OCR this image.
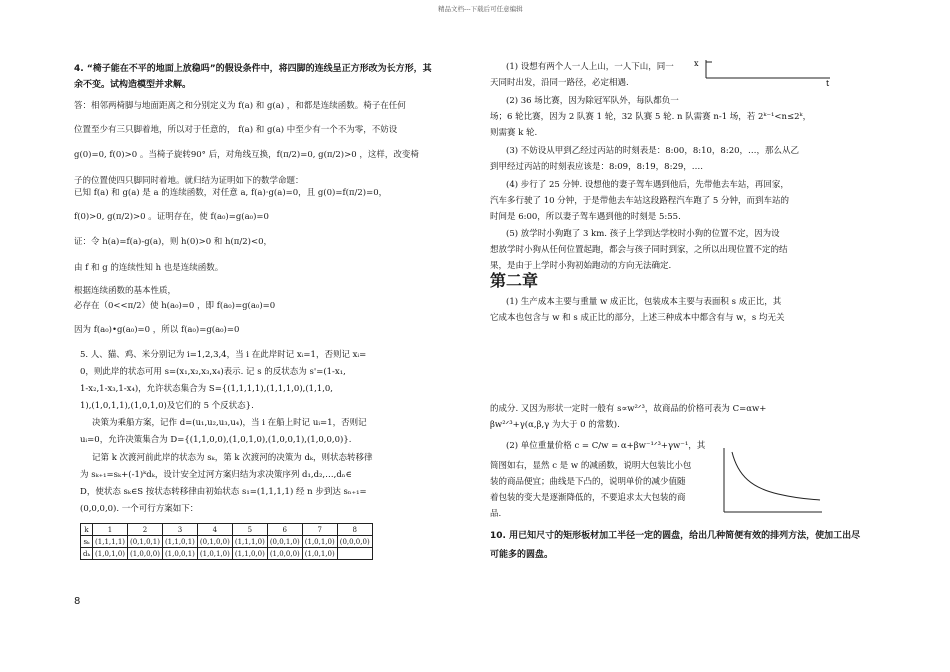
精品文档---下载后可任意编辑
4. “椅子能在不平的地面上放稳吗”的假设条件中，将四脚的连线呈正方形改为长方形，其
余不变。试构造模型并求解。
答：相邻两椅脚与地面距离之和分别定义为 f(a) 和 g(a) ，和都是连续函数。椅子在任何
位置至少有三只脚着地，所以对于任意的， f(a) 和 g(a) 中至少有一个不为零，不妨设
g(0)=0, f(0)>0 。当椅子旋转90° 后，对角线互换，f(π/2)=0, g(π/2)>0 ，这样，改变椅
子的位置使四只脚同时着地。就归结为证明如下的数学命题：
已知 f(a) 和 g(a) 是 a 的连续函数，对任意 a, f(a)·g(a)=0，且 g(0)=f(π/2)=0，
f(0)>0, g(π/2)>0 。证明存在，使 f(a₀)=g(a₀)=0
证：令 h(a)=f(a)-g(a)，则 h(0)>0 和 h(π/2)<0，
由 f 和 g 的连续性知 h 也是连续函数。
根据连续函数的基本性质，
必存在（0<<π/2）使 h(a₀)=0 ，即 f(a₀)=g(a₀)=0
因为 f(a₀)•g(a₀)=0 ，所以 f(a₀)=g(a₀)=0
5. 人、猫、鸡、米分别记为 i=1,2,3,4，当 i 在此岸时记 xᵢ=1，否则记 xᵢ=
0，则此岸的状态可用 s=(x₁,x₂,x₃,x₄)表示. 记 s 的反状态为 s'=(1-x₁,
1-x₂,1-x₃,1-x₄)，允许状态集合为 S={(1,1,1,1),(1,1,1,0),(1,1,0,
1),(1,0,1,1),(1,0,1,0)及它们的 5 个反状态}.
决策为乘船方案，记作 d=(u₁,u₂,u₃,u₄)，当 i 在船上时记 uᵢ=1，否则记
uᵢ=0，允许决策集合为 D={(1,1,0,0),(1,0,1,0),(1,0,0,1),(1,0,0,0)}.
记第 k 次渡河前此岸的状态为 sₖ，第 k 次渡河的决策为 dₖ，则状态转移律
为 sₖ₊₁=sₖ+(-1)ᵏdₖ，设计安全过河方案归结为求决策序列 d₁,d₂,…,dₙ∈
D，使状态 sₖ∈S 按状态转移律由初始状态 s₁=(1,1,1,1) 经 n 步到达 sₙ₊₁=
(0,0,0,0). 一个可行方案如下：
k	1	2	3	4	5	6	7	8
sₖ	(1,1,1,1)	(0,1,0,1)	(1,1,0,1)	(0,1,0,0)	(1,1,1,0)	(0,0,1,0)	(1,0,1,0)	(0,0,0,0)
dₖ	(1,0,1,0)	(1,0,0,0)	(1,0,0,1)	(1,0,1,0)	(1,1,0,0)	(1,0,0,0)	(1,0,1,0)	
8
(1) 设想有两个人一人上山，一人下山，同一
天同时出发，沿同一路径，必定相遇.
x
t
(2) 36 场比赛，因为除冠军队外，每队都负一
场；6 轮比赛，因为 2 队赛 1 轮，32 队赛 5 轮. n 队需赛 n-1 场，若 2ᵏ⁻¹<n≤2ᵏ，
则需赛 k 轮.
(3) 不妨设从甲到乙经过丙站的时刻表是：8:00，8:10，8:20，…，那么从乙
到甲经过丙站的时刻表应该是：8:09，8:19，8:29，….
(4) 步行了 25 分钟. 设想他的妻子驾车遇到他后，先带他去车站，再回家，
汽车多行驶了 10 分钟，于是带他去车站这段路程汽车跑了 5 分钟，而到车站的
时间是 6:00，所以妻子驾车遇到他的时刻是 5:55.
(5) 放学时小狗跑了 3 km. 孩子上学到达学校时小狗的位置不定，因为设
想放学时小狗从任何位置起跑，都会与孩子同时到家，之所以出现位置不定的结
果，是由于上学时小狗初始跑动的方向无法确定.
第二章
(1) 生产成本主要与重量 w 成正比，包装成本主要与表面积 s 成正比，其
它成本也包含与 w 和 s 成正比的部分，上述三种成本中都含有与 w，s 均无关
的成分. 又因为形状一定时一般有 s∝w²ᐟ³，故商品的价格可表为 C=αw+
βw²ᐟ³+γ(α,β,γ 为大于 0 的常数).
(2) 单位重量价格 c = C/w = α+βw⁻¹ᐟ³+γw⁻¹，其
简图如右，显然 c 是 w 的减函数，说明大包装比小包
装的商品便宜；曲线是下凸的，说明单价的减少值随
着包装的变大是逐渐降低的，不要追求太大包装的商
品.
10. 用已知尺寸的矩形板材加工半径一定的圆盘，给出几种简便有效的排列方法，使加工出尽
可能多的圆盘。
